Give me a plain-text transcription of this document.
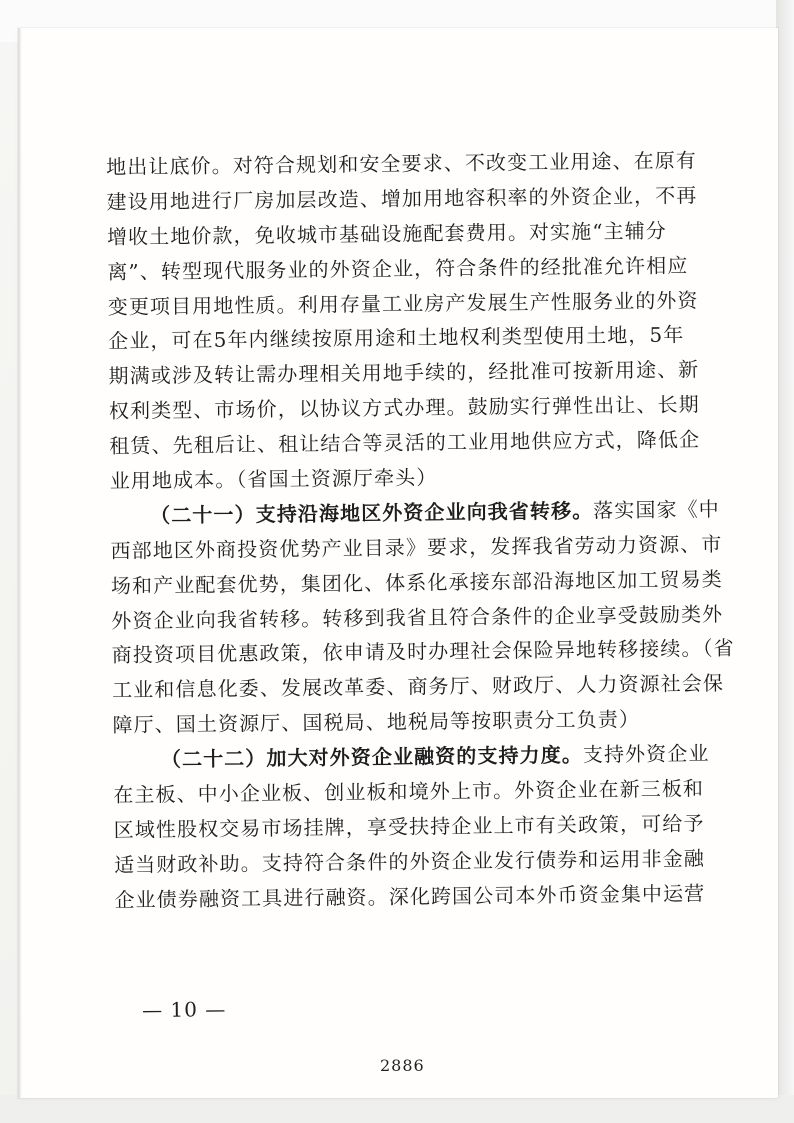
地出让底价。对符合规划和安全要求、不改变工业用途、在原有
建设用地进行厂房加层改造、增加用地容积率的外资企业，不再
增收土地价款，免收城市基础设施配套费用。对实施“主辅分
离”、转型现代服务业的外资企业，符合条件的经批准允许相应
变更项目用地性质。利用存量工业房产发展生产性服务业的外资
企业，可在5年内继续按原用途和土地权利类型使用土地，5年
期满或涉及转让需办理相关用地手续的，经批准可按新用途、新
权利类型、市场价，以协议方式办理。鼓励实行弹性出让、长期
租赁、先租后让、租让结合等灵活的工业用地供应方式，降低企
业用地成本。（省国土资源厅牵头）
（二十一）支持沿海地区外资企业向我省转移。落实国家《中
西部地区外商投资优势产业目录》要求，发挥我省劳动力资源、市
场和产业配套优势，集团化、体系化承接东部沿海地区加工贸易类
外资企业向我省转移。转移到我省且符合条件的企业享受鼓励类外
商投资项目优惠政策，依申请及时办理社会保险异地转移接续。（省
工业和信息化委、发展改革委、商务厅、财政厅、人力资源社会保
障厅、国土资源厅、国税局、地税局等按职责分工负责）
（二十二）加大对外资企业融资的支持力度。支持外资企业
在主板、中小企业板、创业板和境外上市。外资企业在新三板和
区域性股权交易市场挂牌，享受扶持企业上市有关政策，可给予
适当财政补助。支持符合条件的外资企业发行债券和运用非金融
企业债券融资工具进行融资。深化跨国公司本外币资金集中运营
— 10 —
2886
